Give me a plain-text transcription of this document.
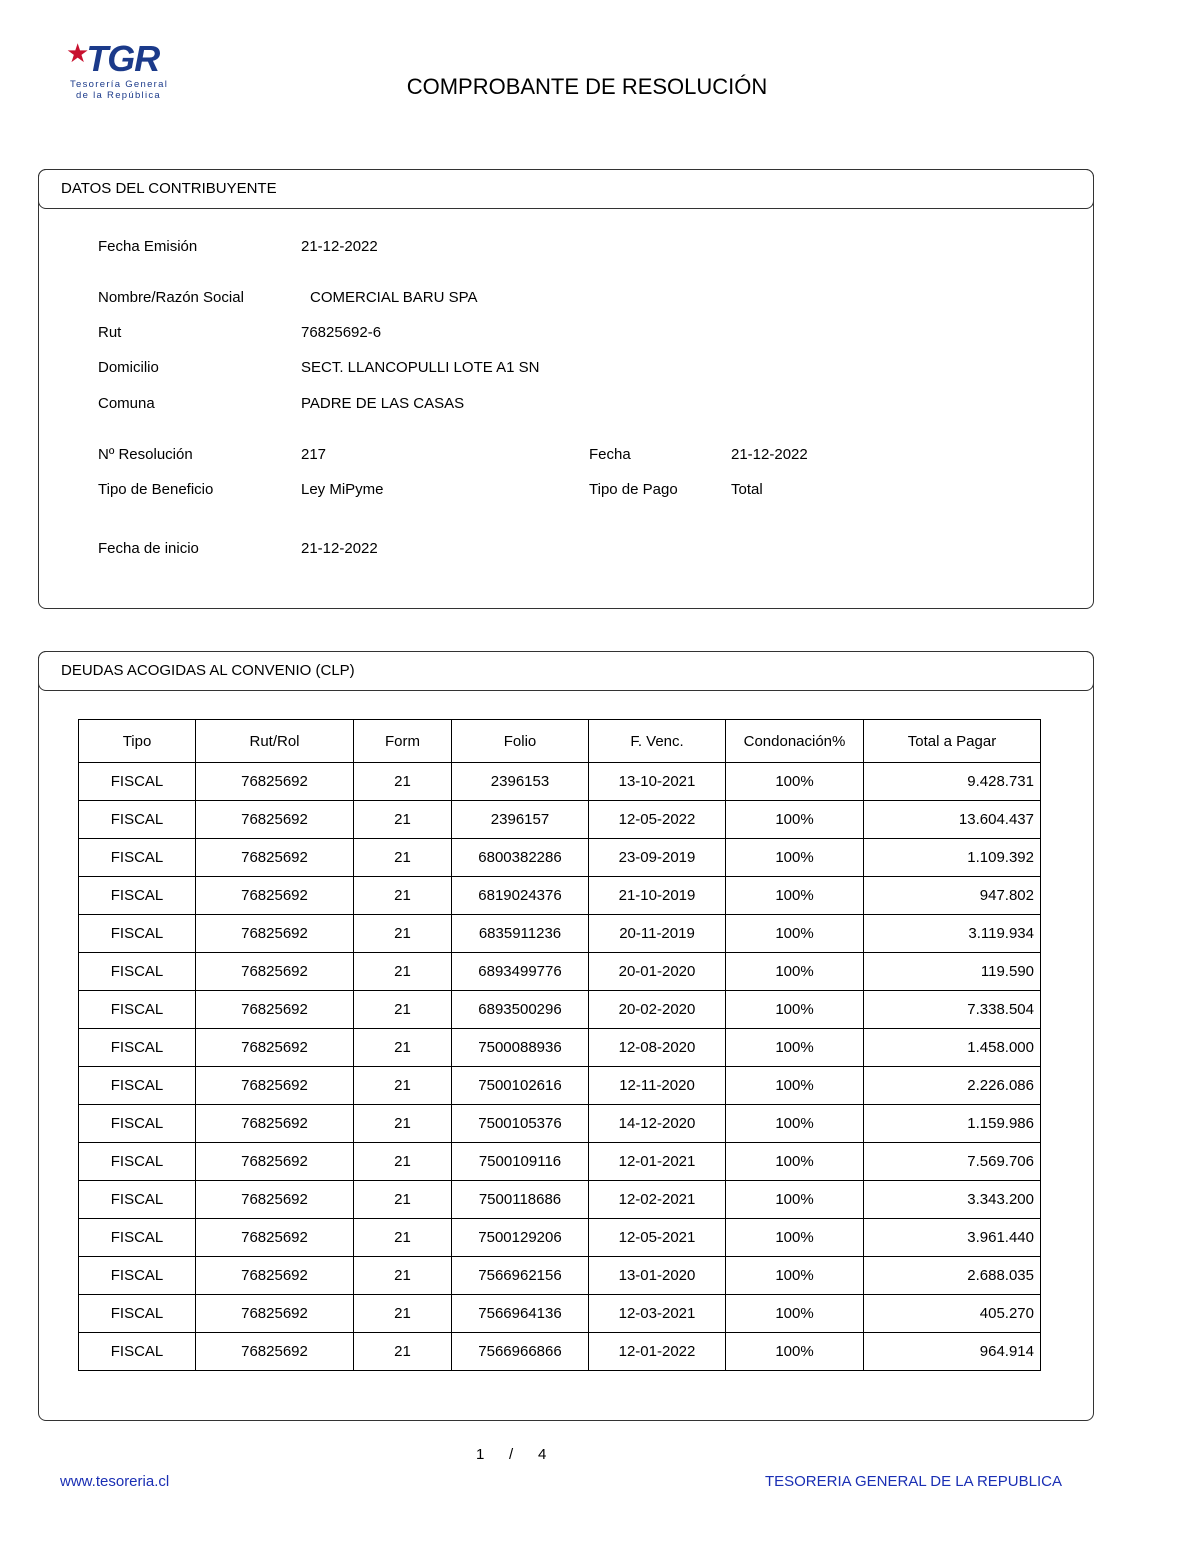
★TGR
Tesorería General
de la República	COMPROBANTE DE RESOLUCIÓN
DATOS DEL CONTRIBUYENTE
Fecha Emisión	21-12-2022
Nombre/Razón Social	COMERCIAL BARU SPA
Rut	76825692-6
Domicilio	SECT. LLANCOPULLI LOTE A1 SN
Comuna	PADRE DE LAS CASAS
Nº Resolución	217	Fecha	21-12-2022
Tipo de Beneficio	Ley MiPyme	Tipo de Pago	Total
Fecha de inicio	21-12-2022
DEUDAS ACOGIDAS AL CONVENIO (CLP)
Tipo	Rut/Rol	Form	Folio	F. Venc.	Condonación%	Total a Pagar
FISCAL	76825692	21	2396153	13-10-2021	100%	9.428.731
FISCAL	76825692	21	2396157	12-05-2022	100%	13.604.437
FISCAL	76825692	21	6800382286	23-09-2019	100%	1.109.392
FISCAL	76825692	21	6819024376	21-10-2019	100%	947.802
FISCAL	76825692	21	6835911236	20-11-2019	100%	3.119.934
FISCAL	76825692	21	6893499776	20-01-2020	100%	119.590
FISCAL	76825692	21	6893500296	20-02-2020	100%	7.338.504
FISCAL	76825692	21	7500088936	12-08-2020	100%	1.458.000
FISCAL	76825692	21	7500102616	12-11-2020	100%	2.226.086
FISCAL	76825692	21	7500105376	14-12-2020	100%	1.159.986
FISCAL	76825692	21	7500109116	12-01-2021	100%	7.569.706
FISCAL	76825692	21	7500118686	12-02-2021	100%	3.343.200
FISCAL	76825692	21	7500129206	12-05-2021	100%	3.961.440
FISCAL	76825692	21	7566962156	13-01-2020	100%	2.688.035
FISCAL	76825692	21	7566964136	12-03-2021	100%	405.270
FISCAL	76825692	21	7566966866	12-01-2022	100%	964.914
1 / 4
www.tesoreria.cl	TESORERIA GENERAL DE LA REPUBLICA
